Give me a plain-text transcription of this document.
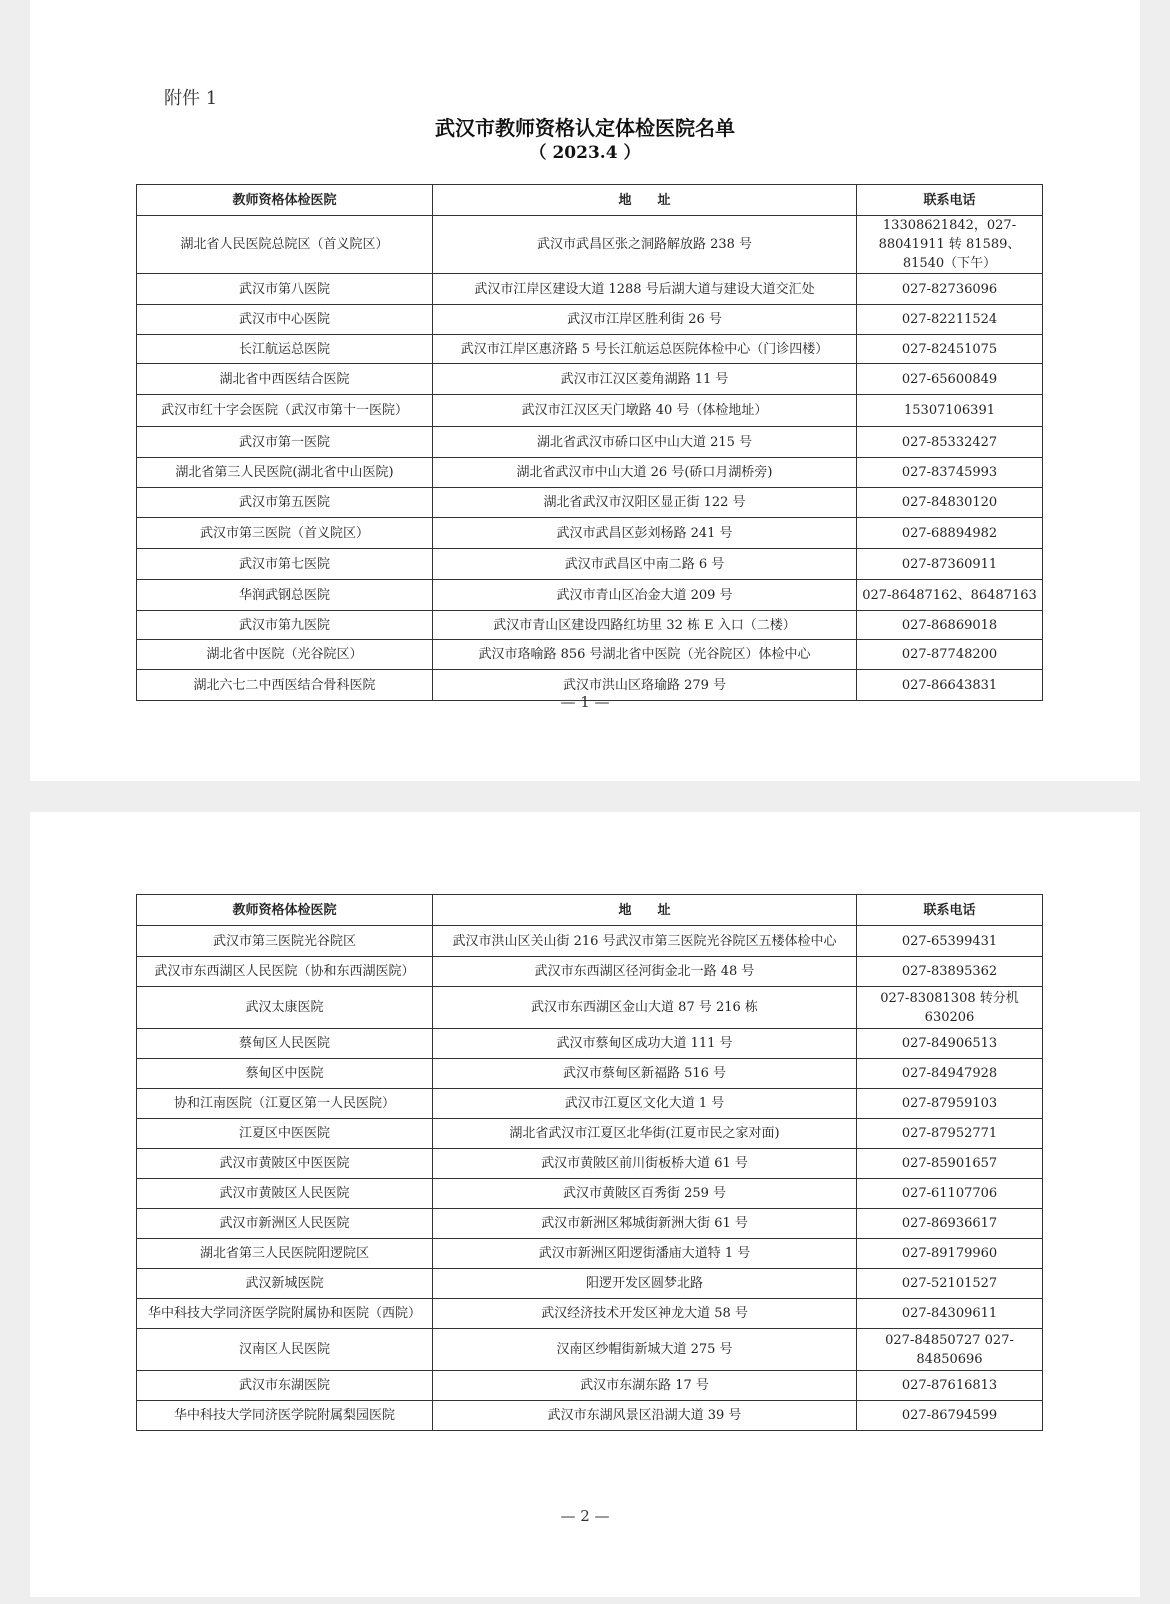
附件 1
武汉市教师资格认定体检医院名单
（ 2023.4 ）
教师资格体检医院	地　　址	联系电话
湖北省人民医院总院区（首义院区）	武汉市武昌区张之洞路解放路 238 号	13308621842，027-88041911 转 81589、81540（下午）
武汉市第八医院	武汉市江岸区建设大道 1288 号后湖大道与建设大道交汇处	027-82736096
武汉市中心医院	武汉市江岸区胜利街 26 号	027-82211524
长江航运总医院	武汉市江岸区惠济路 5 号长江航运总医院体检中心（门诊四楼）	027-82451075
湖北省中西医结合医院	武汉市江汉区菱角湖路 11 号	027-65600849
武汉市红十字会医院（武汉市第十一医院）	武汉市江汉区天门墩路 40 号（体检地址）	15307106391
武汉市第一医院	湖北省武汉市硚口区中山大道 215 号	027-85332427
湖北省第三人民医院(湖北省中山医院)	湖北省武汉市中山大道 26 号(硚口月湖桥旁)	027-83745993
武汉市第五医院	湖北省武汉市汉阳区显正街 122 号	027-84830120
武汉市第三医院（首义院区）	武汉市武昌区彭刘杨路 241 号	027-68894982
武汉市第七医院	武汉市武昌区中南二路 6 号	027-87360911
华润武钢总医院	武汉市青山区冶金大道 209 号	027-86487162、86487163
武汉市第九医院	武汉市青山区建设四路红坊里 32 栋 E 入口（二楼）	027-86869018
湖北省中医院（光谷院区）	武汉市珞喻路 856 号湖北省中医院（光谷院区）体检中心	027-87748200
湖北六七二中西医结合骨科医院	武汉市洪山区珞瑜路 279 号	027-86643831
— 1 —
教师资格体检医院	地　　址	联系电话
武汉市第三医院光谷院区	武汉市洪山区关山街 216 号武汉市第三医院光谷院区五楼体检中心	027-65399431
武汉市东西湖区人民医院（协和东西湖医院）	武汉市东西湖区径河街金北一路 48 号	027-83895362
武汉太康医院	武汉市东西湖区金山大道 87 号 216 栋	027-83081308 转分机 630206
蔡甸区人民医院	武汉市蔡甸区成功大道 111 号	027-84906513
蔡甸区中医院	武汉市蔡甸区新福路 516 号	027-84947928
协和江南医院（江夏区第一人民医院）	武汉市江夏区文化大道 1 号	027-87959103
江夏区中医医院	湖北省武汉市江夏区北华街(江夏市民之家对面)	027-87952771
武汉市黄陂区中医医院	武汉市黄陂区前川街板桥大道 61 号	027-85901657
武汉市黄陂区人民医院	武汉市黄陂区百秀街 259 号	027-61107706
武汉市新洲区人民医院	武汉市新洲区邾城街新洲大街 61 号	027-86936617
湖北省第三人民医院阳逻院区	武汉市新洲区阳逻街潘庙大道特 1 号	027-89179960
武汉新城医院	阳逻开发区圆梦北路	027-52101527
华中科技大学同济医学院附属协和医院（西院）	武汉经济技术开发区神龙大道 58 号	027-84309611
汉南区人民医院	汉南区纱帽街新城大道 275 号	027-84850727 027-84850696
武汉市东湖医院	武汉市东湖东路 17 号	027-87616813
华中科技大学同济医学院附属梨园医院	武汉市东湖风景区沿湖大道 39 号	027-86794599
— 2 —
